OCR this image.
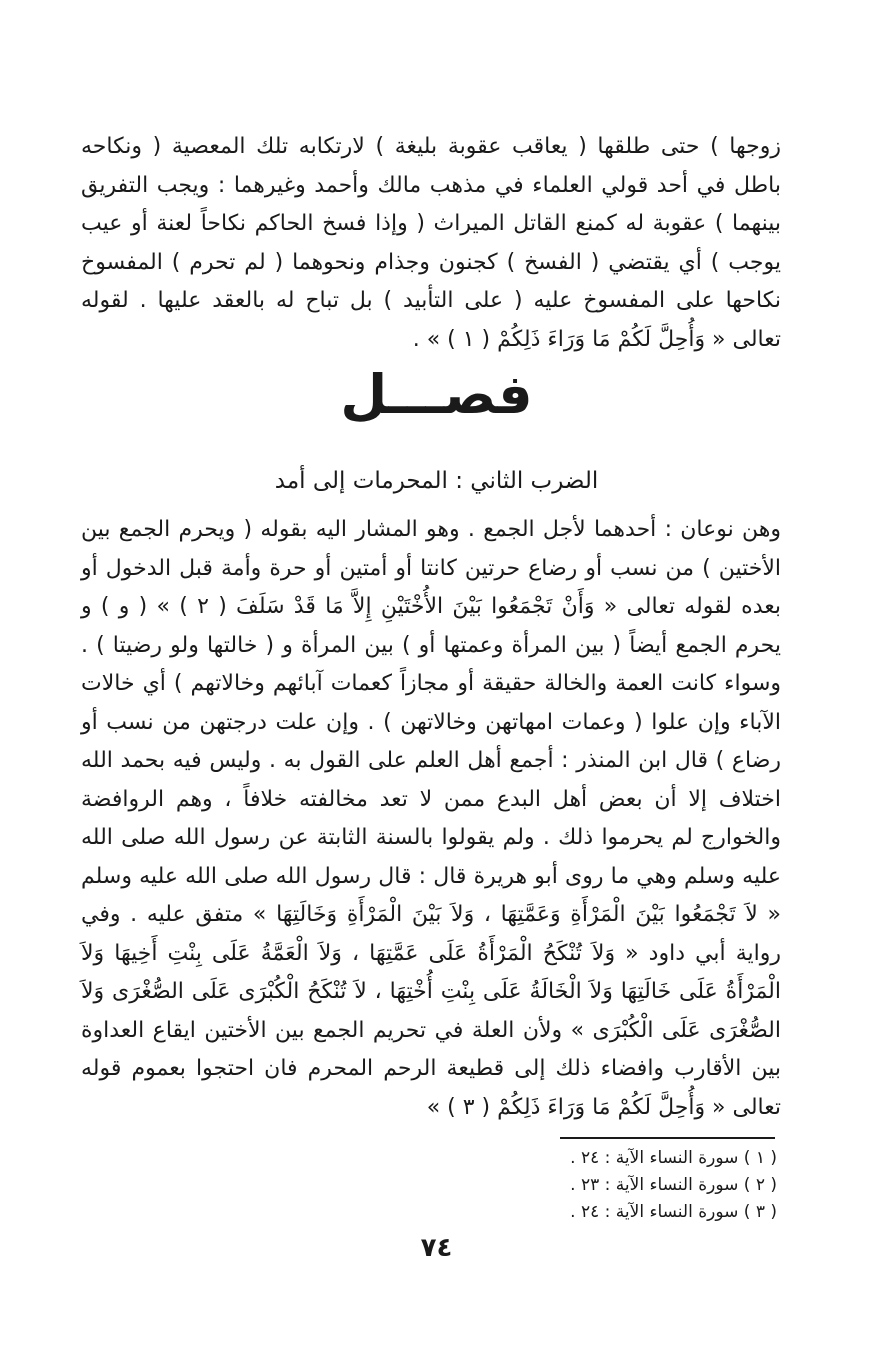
زوجها ) حتى طلقها ( يعاقب عقوبة بليغة ) لارتكابه تلك المعصية ( ونكاحه باطل في أحد قولي العلماء في مذهب مالك وأحمد وغيرهما : ويجب التفريق بينهما ) عقوبة له كمنع القاتل الميراث ( وإذا فسخ الحاكم نكاحاً لعنة أو عيب يوجب ) أي يقتضي ( الفسخ ) كجنون وجذام ونحوهما ( لم تحرم ) المفسوخ نكاحها على المفسوخ عليه ( على التأبيد ) بل تباح له بالعقد عليها . لقوله تعالى « وَأُحِلَّ لَكُمْ مَا وَرَاءَ ذَلِكُمْ ( ١ ) » .

فصـــل
الضرب الثاني : المحرمات إلى أمد

وهن نوعان : أحدهما لأجل الجمع . وهو المشار اليه بقوله ( ويحرم الجمع بين الأختين ) من نسب أو رضاع حرتين كانتا أو أمتين أو حرة وأمة قبل الدخول أو بعده لقوله تعالى « وَأَنْ تَجْمَعُوا بَيْنَ الأُخْتَيْنِ إِلاَّ مَا قَدْ سَلَفَ ( ٢ ) » ( و ) و يحرم الجمع أيضاً ( بين المرأة وعمتها أو ) بين المرأة و ( خالتها ولو رضيتا ) . وسواء كانت العمة والخالة حقيقة أو مجازاً كعمات آبائهم وخالاتهم ) أي خالات الآباء وإن علوا ( وعمات امهاتهن وخالاتهن ) . وإن علت درجتهن من نسب أو رضاع ) قال ابن المنذر : أجمع أهل العلم على القول به . وليس فيه بحمد الله اختلاف إلا أن بعض أهل البدع ممن لا تعد مخالفته خلافاً ، وهم الروافضة والخوارج لم يحرموا ذلك . ولم يقولوا بالسنة الثابتة عن رسول الله صلى الله عليه وسلم وهي ما روى أبو هريرة قال : قال رسول الله صلى الله عليه وسلم « لاَ تَجْمَعُوا بَيْنَ الْمَرْأَةِ وَعَمَّتِهَا ، وَلاَ بَيْنَ الْمَرْأَةِ وَخَالَتِهَا » متفق عليه . وفي رواية أبي داود « وَلاَ تُنْكَحُ الْمَرْأَةُ عَلَى عَمَّتِهَا ، وَلاَ الْعَمَّةُ عَلَى بِنْتِ أَخِيهَا وَلاَ الْمَرْأَةُ عَلَى خَالَتِهَا وَلاَ الْخَالَةُ عَلَى بِنْتِ أُخْتِهَا ، لاَ تُنْكَحُ الْكُبْرَى عَلَى الصُّغْرَى وَلاَ الصُّغْرَى عَلَى الْكُبْرَى » ولأن العلة في تحريم الجمع بين الأختين ايقاع العداوة بين الأقارب وافضاء ذلك إلى قطيعة الرحم المحرم فان احتجوا بعموم قوله تعالى « وَأُحِلَّ لَكُمْ مَا وَرَاءَ ذَلِكُمْ ( ٣ ) »

( ١ ) سورة النساء الآية : ٢٤ .
( ٢ ) سورة النساء الآية : ٢٣ .
( ٣ ) سورة النساء الآية : ٢٤ .
٧٤
